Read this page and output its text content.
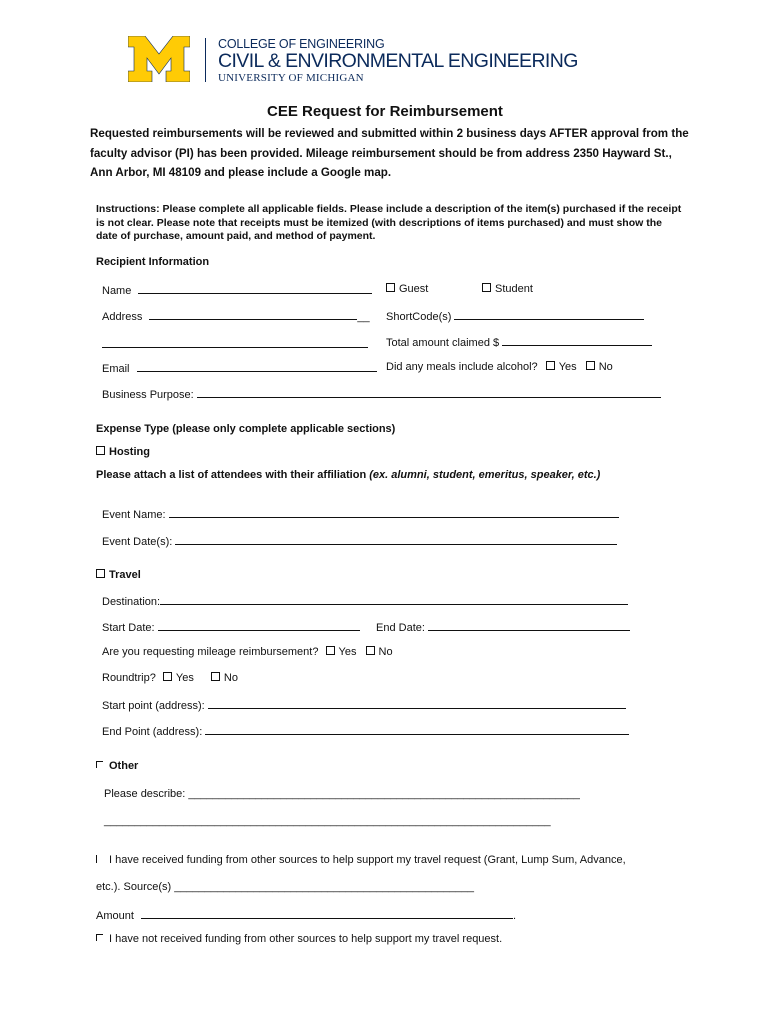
COLLEGE OF ENGINEERING
CIVIL & ENVIRONMENTAL ENGINEERING
UNIVERSITY OF MICHIGAN
CEE Request for Reimbursement
Requested reimbursements will be reviewed and submitted within 2 business days AFTER approval from the faculty advisor (PI) has been provided. Mileage reimbursement should be from address 2350 Hayward St., Ann Arbor, MI 48109 and please include a Google map.
Instructions: Please complete all applicable fields. Please include a description of the item(s) purchased if the receipt is not clear. Please note that receipts must be itemized (with descriptions of items purchased) and must show the date of purchase, amount paid, and method of payment.
Recipient Information
Name	Guest	Student
Address	__ ShortCode(s)
Total amount claimed $
Email	Did any meals include alcohol? Yes No
Business Purpose:
Expense Type (please only complete applicable sections)
Hosting
Please attach a list of attendees with their affiliation (ex. alumni, student, emeritus, speaker, etc.)
Event Name:
Event Date(s):
Travel
Destination:
Start Date:	End Date:
Are you requesting mileage reimbursement? Yes No
Roundtrip? Yes	No
Start point (address):
End Point (address):
Other
Please describe: ________________________________________________________________
_________________________________________________________________________
I have received funding from other sources to help support my travel request (Grant, Lump Sum, Advance,
etc.). Source(s) _________________________________________________
Amount	.
I have not received funding from other sources to help support my travel request.
